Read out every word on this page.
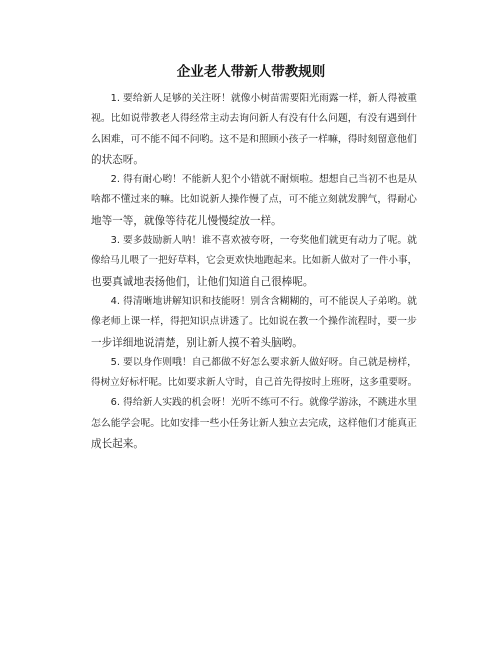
企业老人带新人带教规则

1. 要给新人足够的关注呀！就像小树苗需要阳光雨露一样，新人得被重
视。比如说带教老人得经常主动去询问新人有没有什么问题，有没有遇到什
么困难，可不能不闻不问哟。这不是和照顾小孩子一样嘛，得时刻留意他们
的状态呀。

2. 得有耐心哟！不能新人犯个小错就不耐烦啦。想想自己当初不也是从
啥都不懂过来的嘛。比如说新人操作慢了点，可不能立刻就发脾气，得耐心
地等一等，就像等待花儿慢慢绽放一样。

3. 要多鼓励新人呐！谁不喜欢被夸呀，一夸奖他们就更有动力了呢。就
像给马儿喂了一把好草料，它会更欢快地跑起来。比如新人做对了一件小事，
也要真诚地表扬他们，让他们知道自己很棒呢。

4. 得清晰地讲解知识和技能呀！别含含糊糊的，可不能误人子弟哟。就
像老师上课一样，得把知识点讲透了。比如说在教一个操作流程时，要一步
一步详细地说清楚，别让新人摸不着头脑哟。

5. 要以身作则哦！自己都做不好怎么要求新人做好呀。自己就是榜样，
得树立好标杆呢。比如要求新人守时，自己首先得按时上班呀，这多重要呀。

6. 得给新人实践的机会呀！光听不练可不行。就像学游泳，不跳进水里
怎么能学会呢。比如安排一些小任务让新人独立去完成，这样他们才能真正
成长起来。
